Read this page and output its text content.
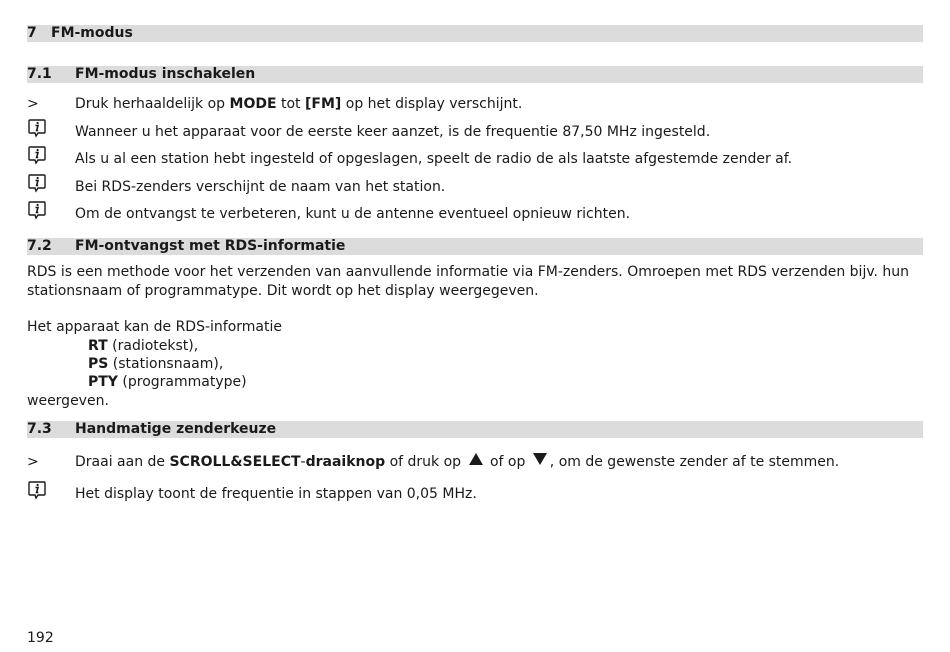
7 FM-modus
7.1 FM-modus inschakelen
>	Druk herhaaldelijk op MODE tot [FM] op het display verschijnt.
Wanneer u het apparaat voor de eerste keer aanzet, is de frequentie 87,50 MHz ingesteld.
Als u al een station hebt ingesteld of opgeslagen, speelt de radio de als laatste afgestemde zender af.
Bei RDS-zenders verschijnt de naam van het station.
Om de ontvangst te verbeteren, kunt u de antenne eventueel opnieuw richten.
7.2 FM-ontvangst met RDS-informatie
RDS is een methode voor het verzenden van aanvullende informatie via FM-zenders. Omroepen met RDS verzenden bijv. hun
stationsnaam of programmatype. Dit wordt op het display weergegeven.
Het apparaat kan de RDS-informatie
RT (radiotekst),
PS (stationsnaam),
PTY (programmatype)
weergeven.
7.3 Handmatige zenderkeuze
>	Draai aan de SCROLL&SELECT-draaiknop of druk op  of op , om de gewenste zender af te stemmen.
Het display toont de frequentie in stappen van 0,05 MHz.
192
